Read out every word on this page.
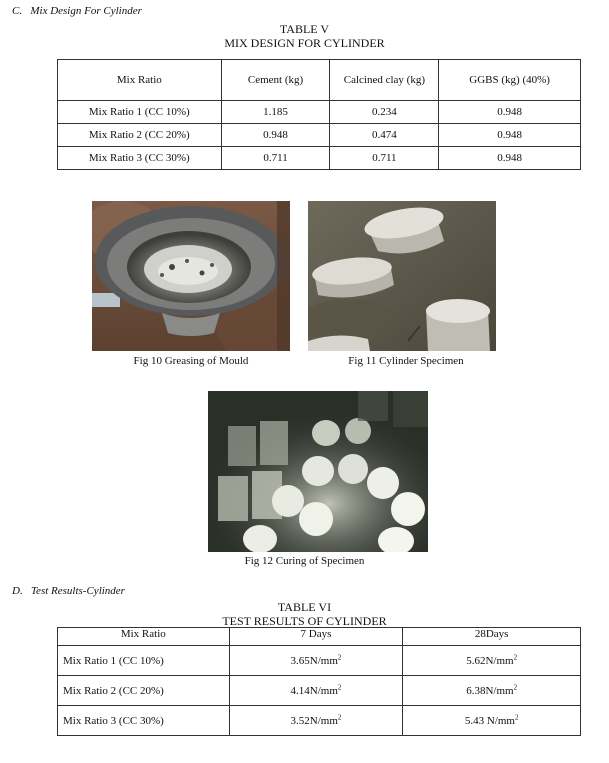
C. Mix Design For Cylinder
TABLE V
MIX DESIGN FOR CYLINDER
Mix Ratio	Cement (kg)	Calcined clay (kg)	GGBS (kg) (40%)
Mix Ratio 1 (CC 10%)	1.185	0.234	0.948
Mix Ratio 2 (CC 20%)	0.948	0.474	0.948
Mix Ratio 3 (CC 30%)	0.711	0.711	0.948
Fig 10 Greasing of Mould	Fig 11 Cylinder Specimen
Fig 12 Curing of Specimen
D. Test Results-Cylinder
TABLE VI
TEST RESULTS OF CYLINDER
Mix Ratio	7 Days	28Days
Mix Ratio 1 (CC 10%)	$3.65N/mm^2$	$5.62N/mm^2$
Mix Ratio 2 (CC 20%)	$4.14N/mm^2$	$6.38N/mm^2$
Mix Ratio 3 (CC 30%)	$3.52N/mm^2$	5.43 $N/mm^2$
